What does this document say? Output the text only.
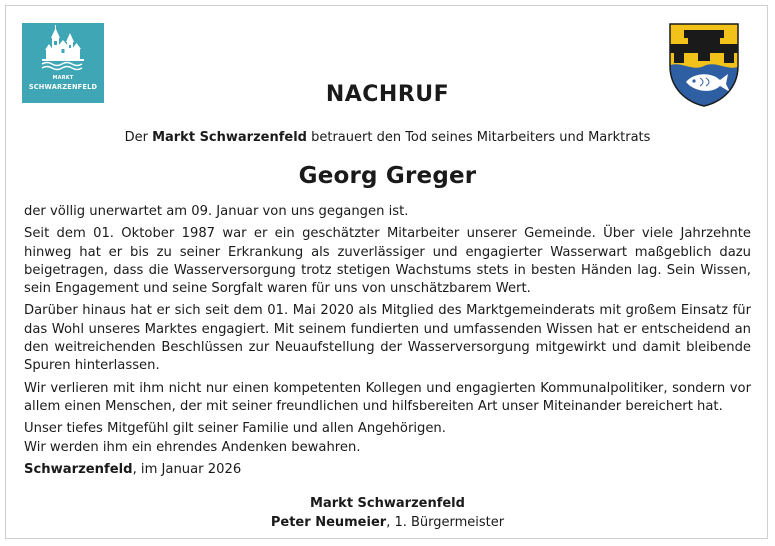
MARKT
SCHWARZENFELD	NACHRUF

Der Markt Schwarzenfeld betrauert den Tod seines Mitarbeiters und Marktrats

Georg Greger

der völlig unerwartet am 09. Januar von uns gegangen ist.

Seit dem 01. Oktober 1987 war er ein geschätzter Mitarbeiter unserer Gemeinde. Über viele Jahrzehnte hinweg hat er bis zu seiner Erkrankung als zuverlässiger und engagierter Wasserwart maßgeblich dazu beigetragen, dass die Wasserversorgung trotz stetigen Wachstums stets in besten Händen lag. Sein Wissen, sein Engagement und seine Sorgfalt waren für uns von unschätzbarem Wert.

Darüber hinaus hat er sich seit dem 01. Mai 2020 als Mitglied des Marktgemeinderats mit großem Einsatz für das Wohl unseres Marktes engagiert. Mit seinem fundierten und umfassenden Wissen hat er entscheidend an den weitreichenden Beschlüssen zur Neuaufstellung der Wasserversorgung mitgewirkt und damit bleibende Spuren hinterlassen.

Wir verlieren mit ihm nicht nur einen kompetenten Kollegen und engagierten Kommunalpolitiker, sondern vor allem einen Menschen, der mit seiner freundlichen und hilfsbereiten Art unser Miteinander bereichert hat.

Unser tiefes Mitgefühl gilt seiner Familie und allen Angehörigen.
Wir werden ihm ein ehrendes Andenken bewahren.

Schwarzenfeld, im Januar 2026

Markt Schwarzenfeld
Peter Neumeier, 1. Bürgermeister
